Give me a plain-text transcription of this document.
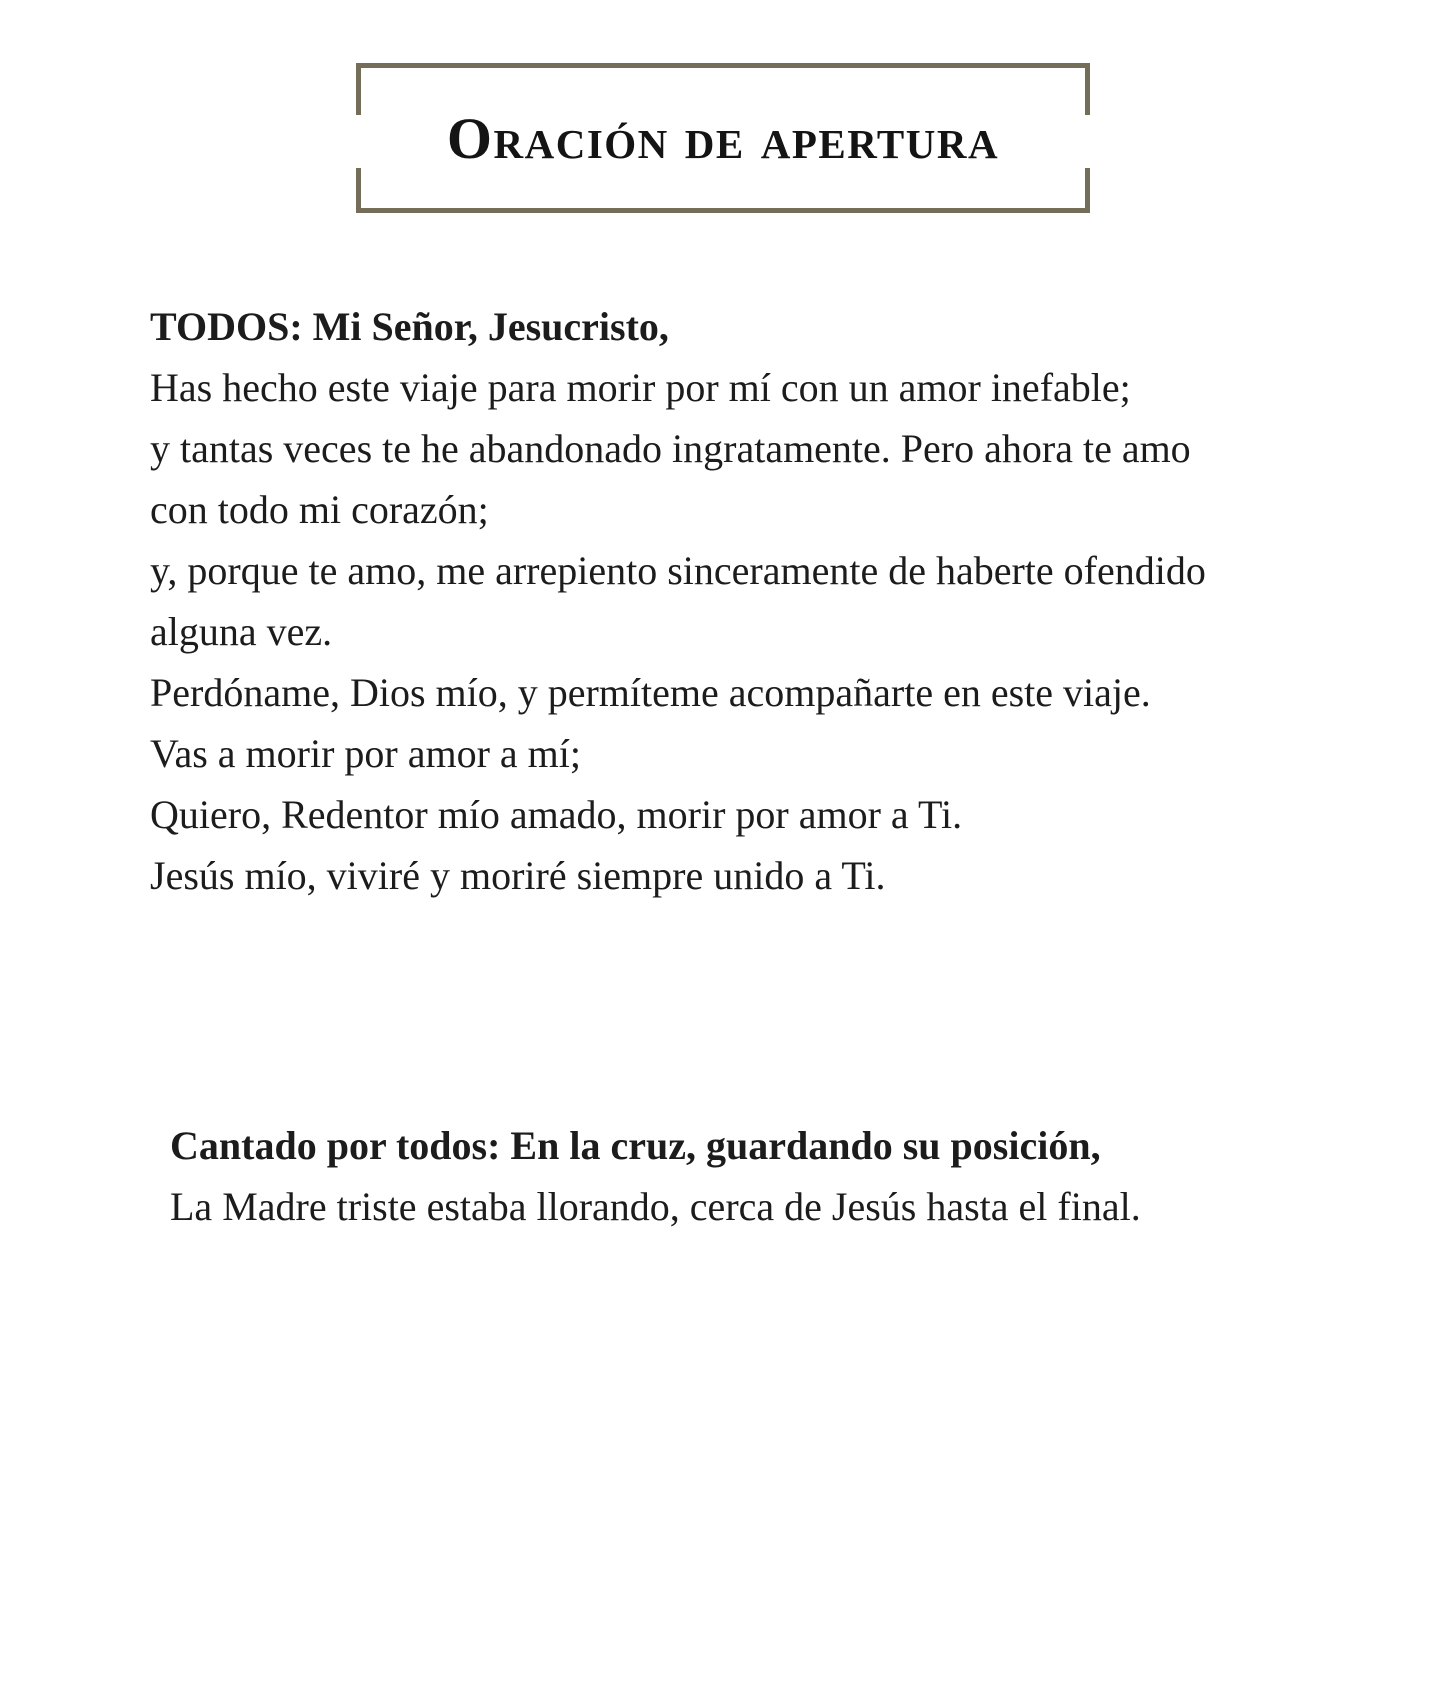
Oración de apertura
TODOS: Mi Señor, Jesucristo,
Has hecho este viaje para morir por mí con un amor inefable;
y tantas veces te he abandonado ingratamente. Pero ahora te amo
con todo mi corazón;
y, porque te amo, me arrepiento sinceramente de haberte ofendido
alguna vez.
Perdóname, Dios mío, y permíteme acompañarte en este viaje.
Vas a morir por amor a mí;
Quiero, Redentor mío amado, morir por amor a Ti.
Jesús mío, viviré y moriré siempre unido a Ti.
Cantado por todos: En la cruz, guardando su posición,
La Madre triste estaba llorando, cerca de Jesús hasta el final.
